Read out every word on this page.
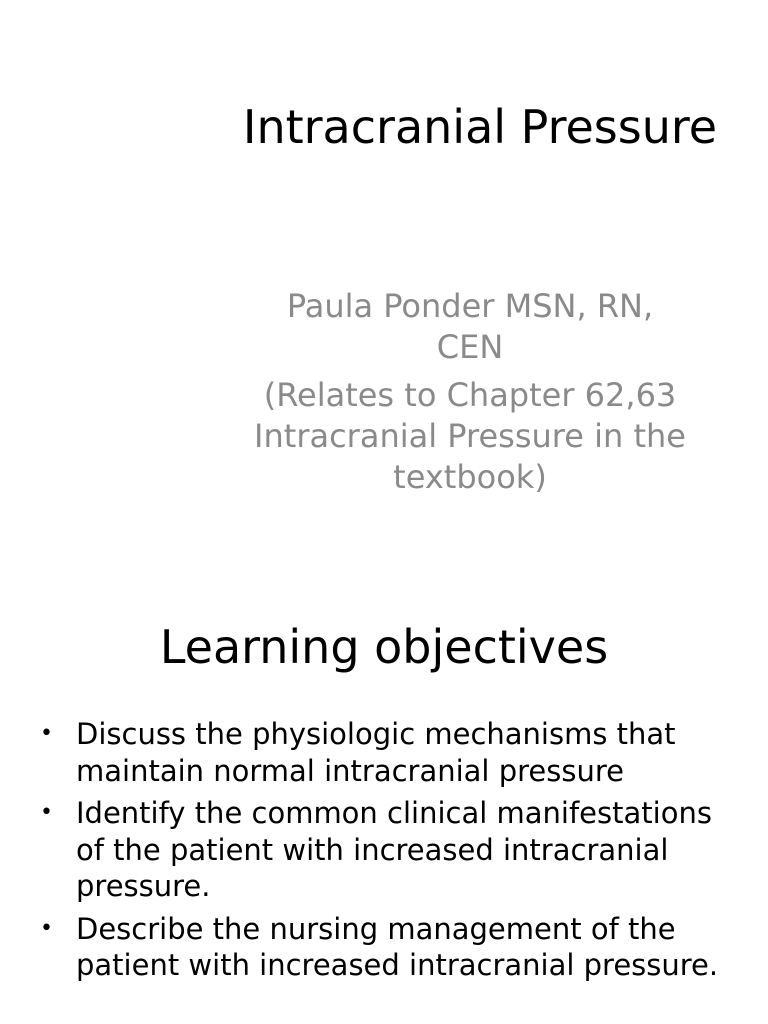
Intracranial Pressure

Paula Ponder MSN, RN, CEN

(Relates to Chapter 62,63 Intracranial Pressure in the textbook)

Learning objectives
• Discuss the physiologic mechanisms that maintain normal intracranial pressure
• Identify the common clinical manifestations of the patient with increased intracranial pressure.
• Describe the nursing management of the patient with increased intracranial pressure.
